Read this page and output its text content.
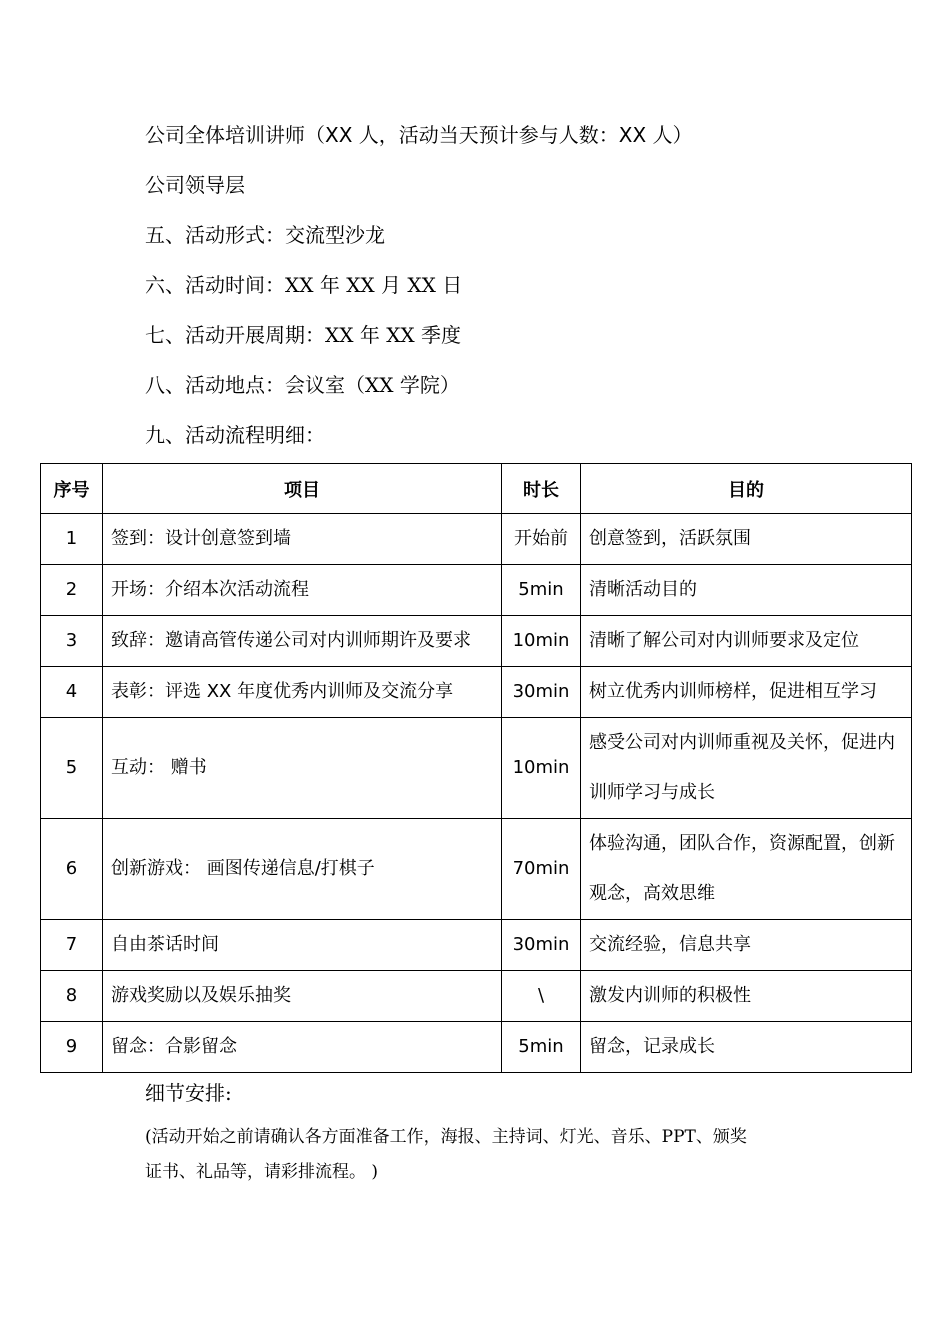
公司全体培训讲师（XX 人，活动当天预计参与人数：XX 人）
公司领导层
五、活动形式：交流型沙龙
六、活动时间：XX 年 XX 月 XX 日
七、活动开展周期：XX 年 XX 季度
八、活动地点：会议室（XX 学院）
九、活动流程明细：
序号	项目	时长	目的
1	签到：设计创意签到墙	开始前	创意签到，活跃氛围
2	开场：介绍本次活动流程	5min	清晰活动目的
3	致辞：邀请高管传递公司对内训师期许及要求	10min	清晰了解公司对内训师要求及定位
4	表彰：评选 XX 年度优秀内训师及交流分享	30min	树立优秀内训师榜样，促进相互学习
5	互动： 赠书	10min	感受公司对内训师重视及关怀，促进内训师学习与成长
6	创新游戏： 画图传递信息/打棋子	70min	体验沟通，团队合作，资源配置，创新观念，高效思维
7	自由茶话时间	30min	交流经验，信息共享
8	游戏奖励以及娱乐抽奖	\	激发内训师的积极性
9	留念：合影留念	5min	留念，记录成长
细节安排:
(活动开始之前请确认各方面准备工作，海报、主持词、灯光、音乐、PPT、颁奖
证书、礼品等，请彩排流程。 )
